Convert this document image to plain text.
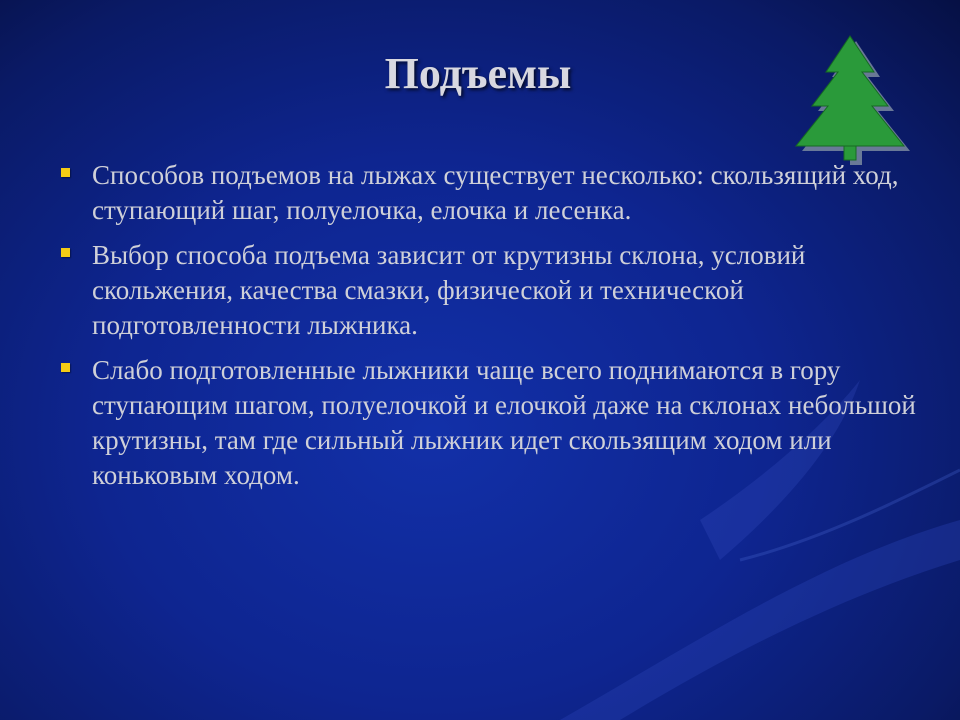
Подъемы
Способов подъемов на лыжах существует несколько: скользящий ход, ступающий шаг, полуелочка, елочка и лесенка.
Выбор способа подъема зависит от крутизны склона, условий скольжения, качества смазки, физической и технической подготовленности лыжника.
Слабо подготовленные лыжники чаще всего поднимаются в гору ступающим шагом, полуелочкой и елочкой даже на склонах небольшой крутизны, там где сильный лыжник идет скользящим ходом или коньковым ходом.
